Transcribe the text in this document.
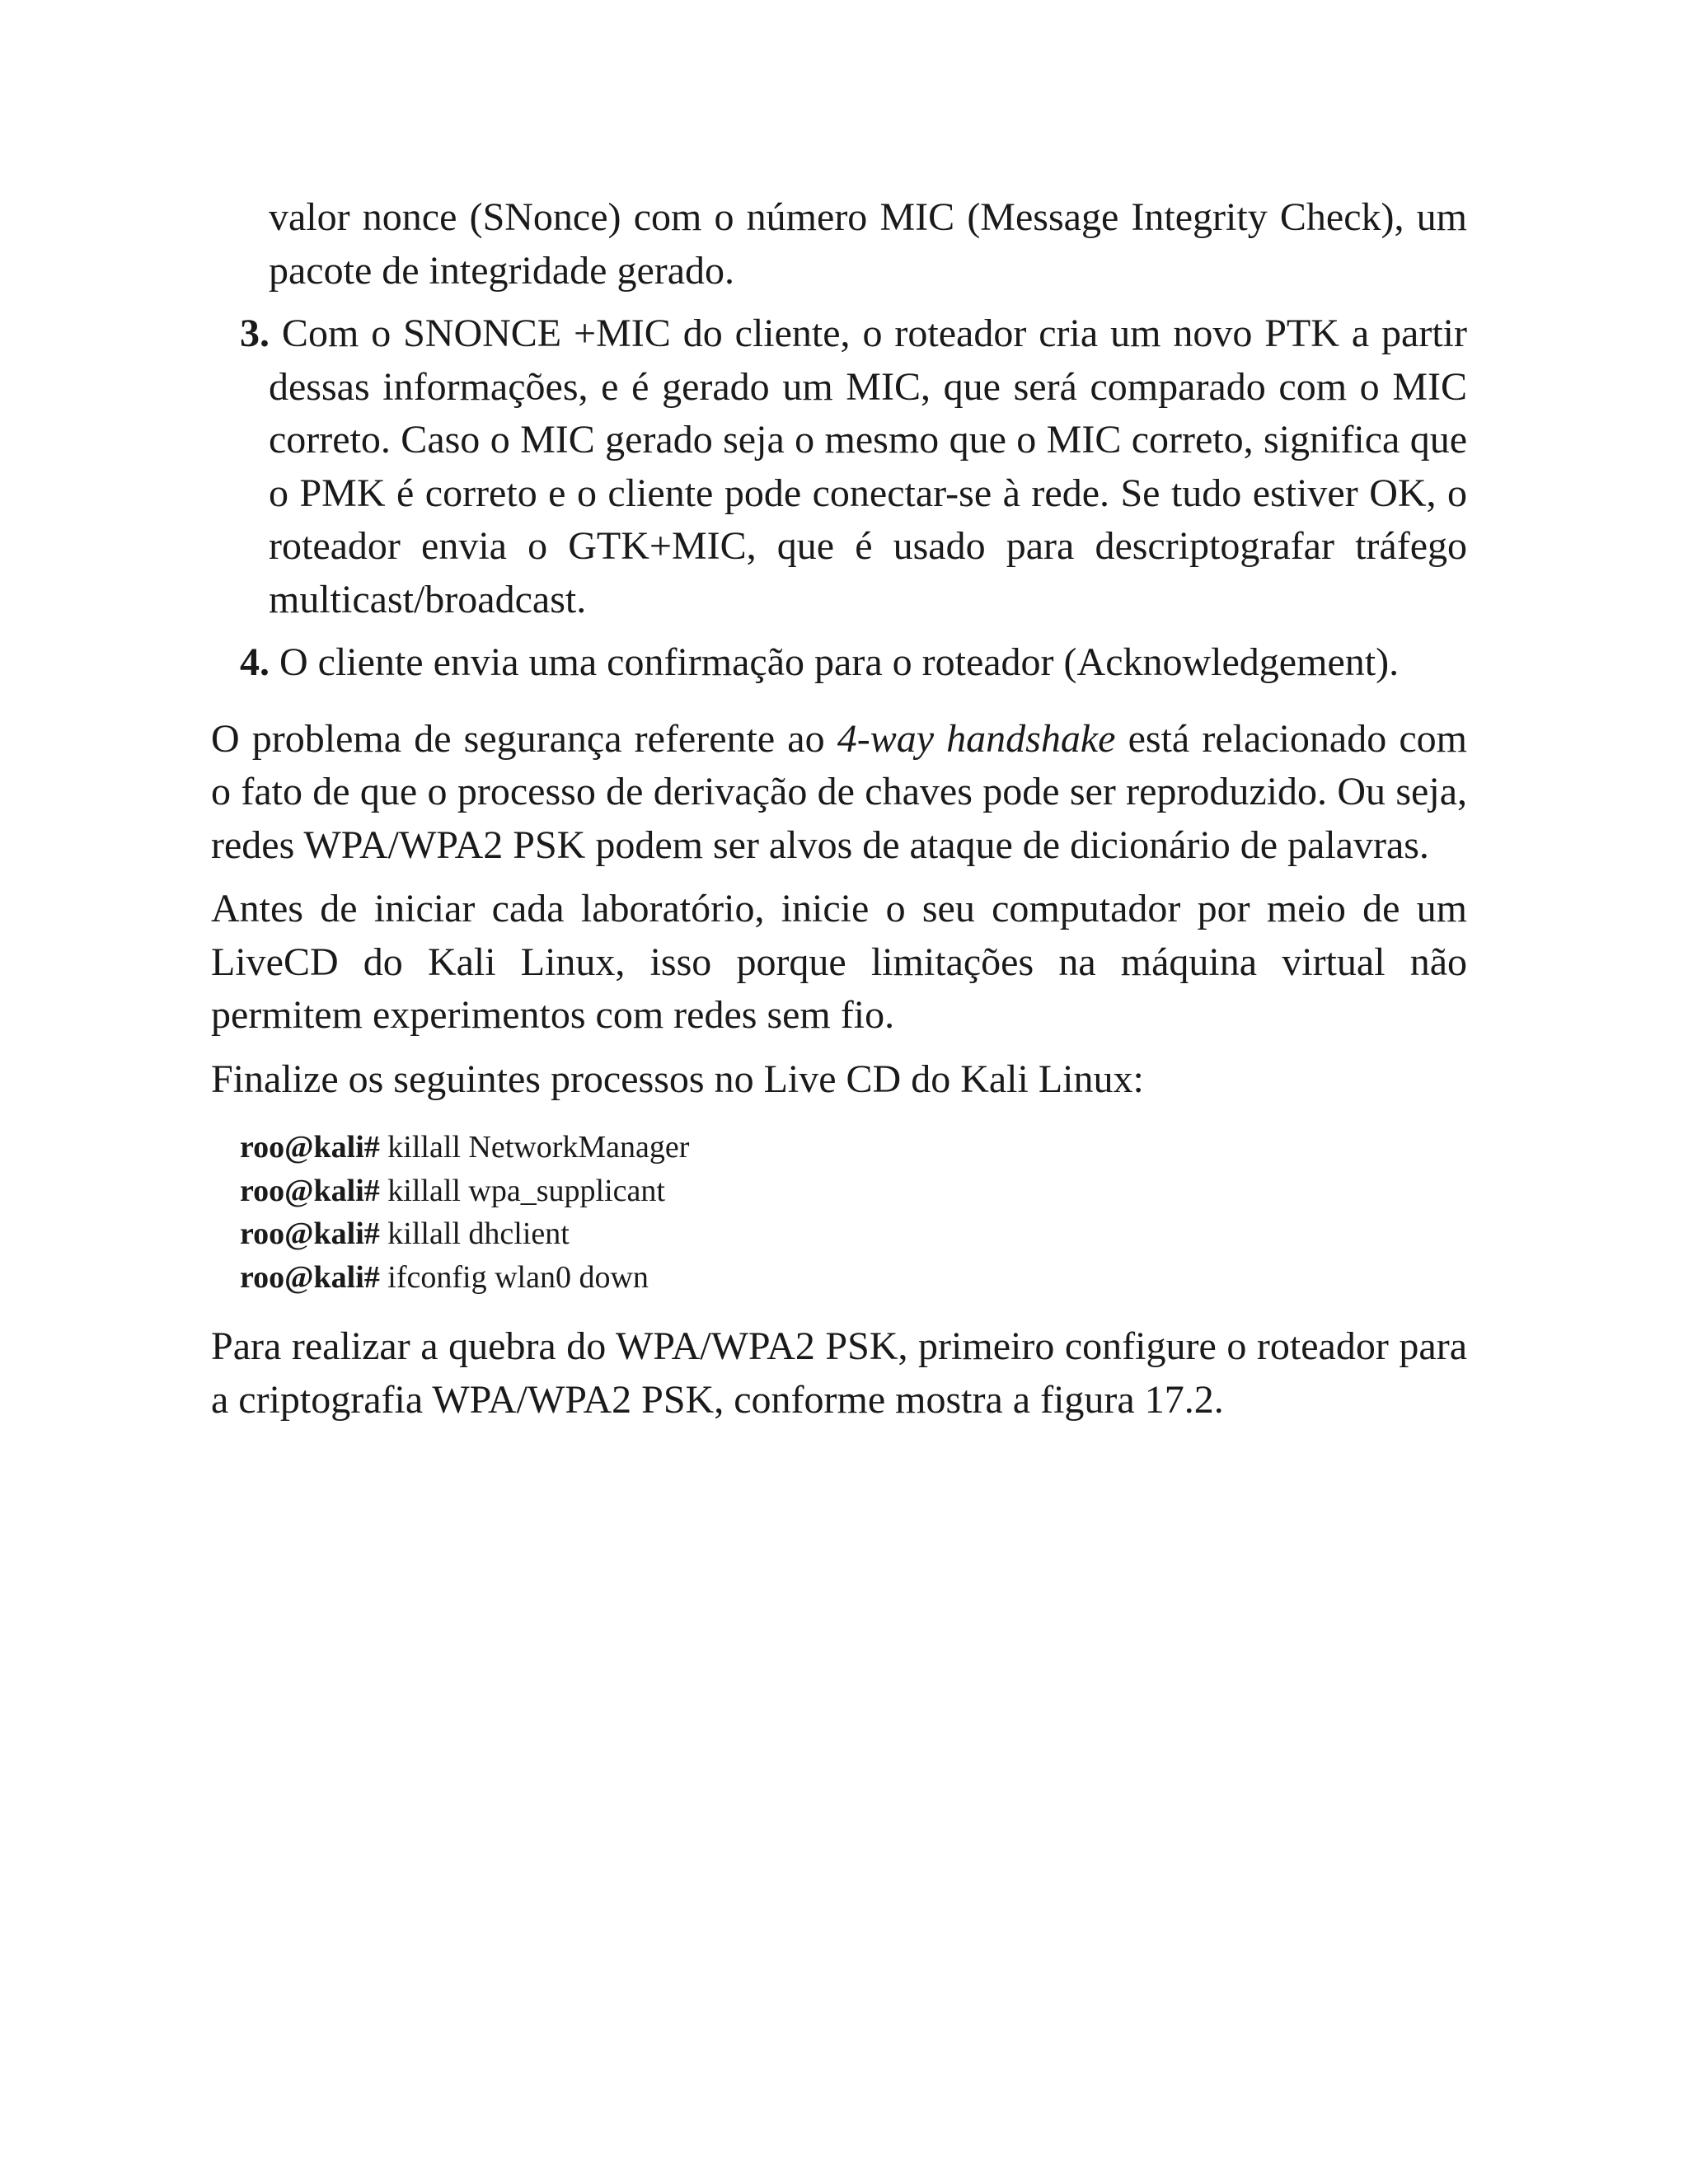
valor nonce (SNonce) com o número MIC (Message Integrity Check), um pacote de integridade gerado.

3. Com o SNONCE +MIC do cliente, o roteador cria um novo PTK a partir dessas informações, e é gerado um MIC, que será comparado com o MIC correto. Caso o MIC gerado seja o mesmo que o MIC correto, significa que o PMK é correto e o cliente pode conectar-se à rede. Se tudo estiver OK, o roteador envia o GTK+MIC, que é usado para descriptografar tráfego multicast/broadcast.

4. O cliente envia uma confirmação para o roteador (Acknowledgement).

O problema de segurança referente ao 4-way handshake está relacionado com o fato de que o processo de derivação de chaves pode ser reproduzido. Ou seja, redes WPA/WPA2 PSK podem ser alvos de ataque de dicionário de palavras.

Antes de iniciar cada laboratório, inicie o seu computador por meio de um LiveCD do Kali Linux, isso porque limitações na máquina virtual não permitem experimentos com redes sem fio.

Finalize os seguintes processos no Live CD do Kali Linux:

roo@kali# killall NetworkManager
roo@kali# killall wpa_supplicant
roo@kali# killall dhclient
roo@kali# ifconfig wlan0 down

Para realizar a quebra do WPA/WPA2 PSK, primeiro configure o roteador para a criptografia WPA/WPA2 PSK, conforme mostra a figura 17.2.
